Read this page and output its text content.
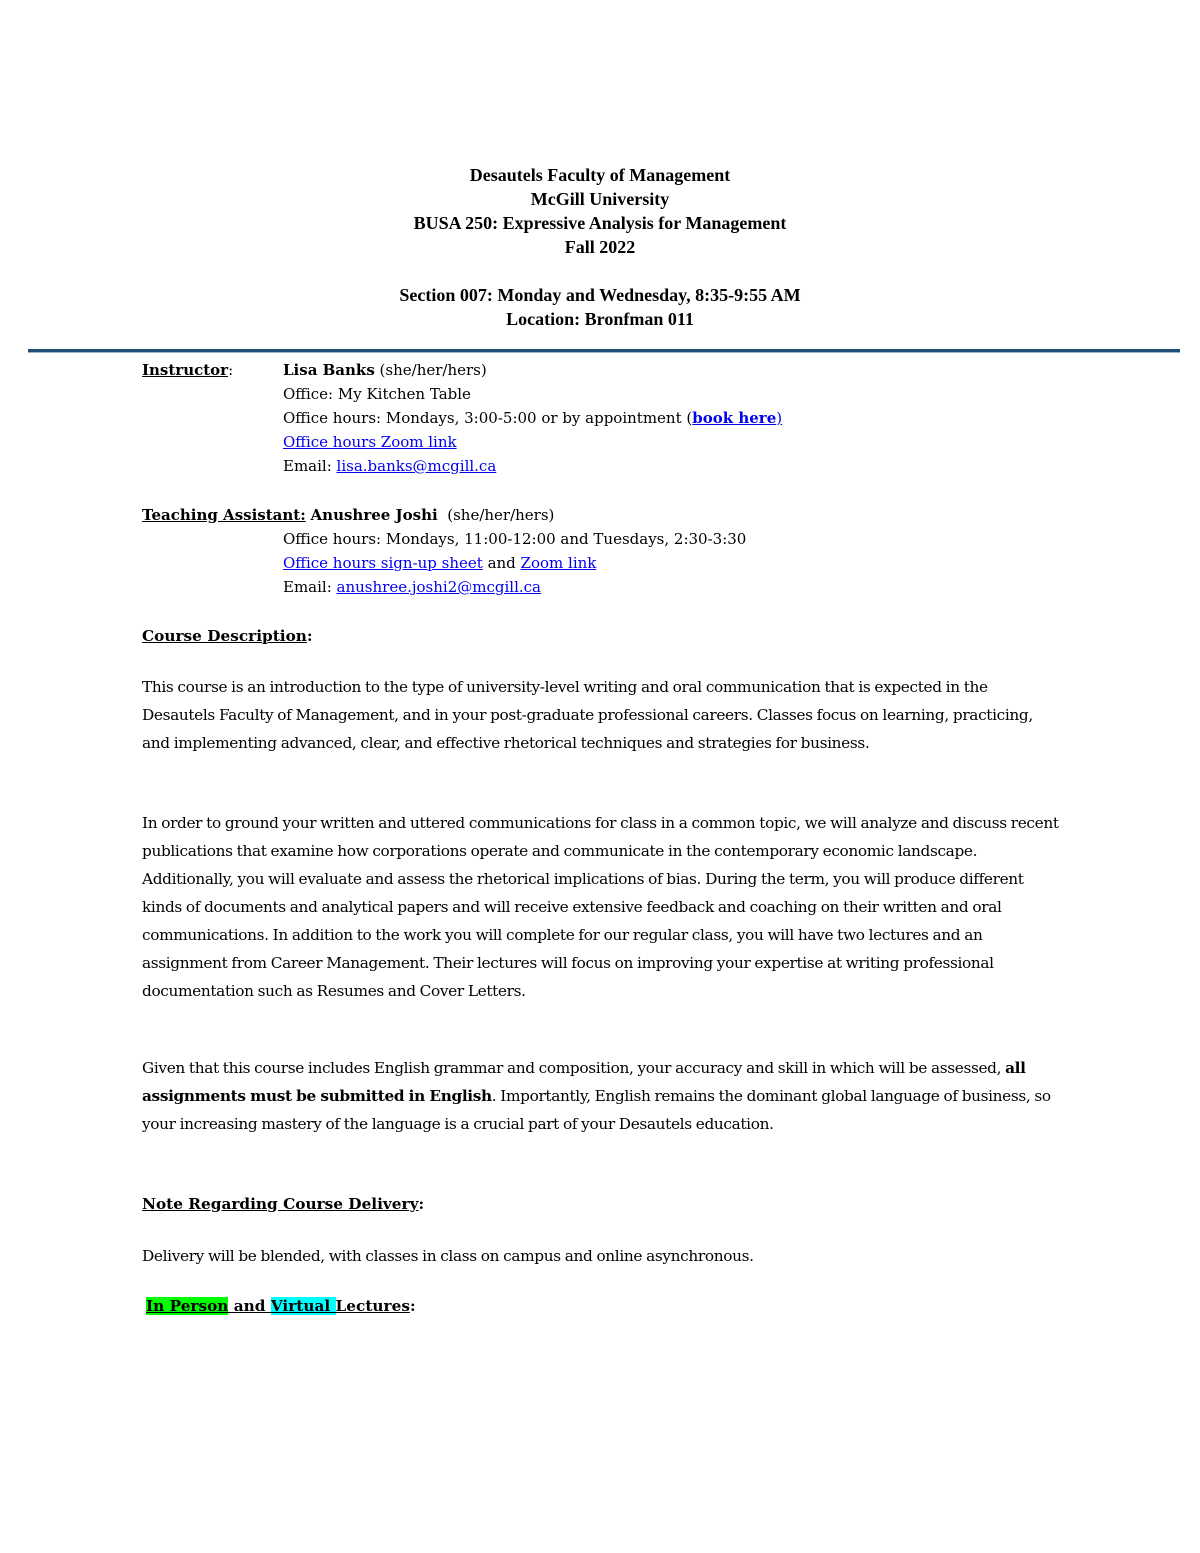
Desautels Faculty of Management
McGill University
BUSA 250: Expressive Analysis for Management
Fall 2022
Section 007: Monday and Wednesday, 8:35-9:55 AM
Location: Bronfman 011
Instructor:	Lisa Banks (she/her/hers)
Office: My Kitchen Table
Office hours: Mondays, 3:00-5:00 or by appointment (book here)
Office hours Zoom link
Email: lisa.banks@mcgill.ca
Teaching Assistant: Anushree Joshi  (she/her/hers)
Office hours: Mondays, 11:00-12:00 and Tuesdays, 2:30-3:30
Office hours sign-up sheet and Zoom link
Email: anushree.joshi2@mcgill.ca
Course Description:
This course is an introduction to the type of university-level writing and oral communication that is expected in the Desautels Faculty of Management, and in your post-graduate professional careers. Classes focus on learning, practicing, and implementing advanced, clear, and effective rhetorical techniques and strategies for business.
In order to ground your written and uttered communications for class in a common topic, we will analyze and discuss recent publications that examine how corporations operate and communicate in the contemporary economic landscape. Additionally, you will evaluate and assess the rhetorical implications of bias. During the term, you will produce different kinds of documents and analytical papers and will receive extensive feedback and coaching on their written and oral communications. In addition to the work you will complete for our regular class, you will have two lectures and an assignment from Career Management. Their lectures will focus on improving your expertise at writing professional documentation such as Resumes and Cover Letters.
Given that this course includes English grammar and composition, your accuracy and skill in which will be assessed, all assignments must be submitted in English. Importantly, English remains the dominant global language of business, so your increasing mastery of the language is a crucial part of your Desautels education.
Note Regarding Course Delivery:
Delivery will be blended, with classes in class on campus and online asynchronous.
In Person and Virtual Lectures:
